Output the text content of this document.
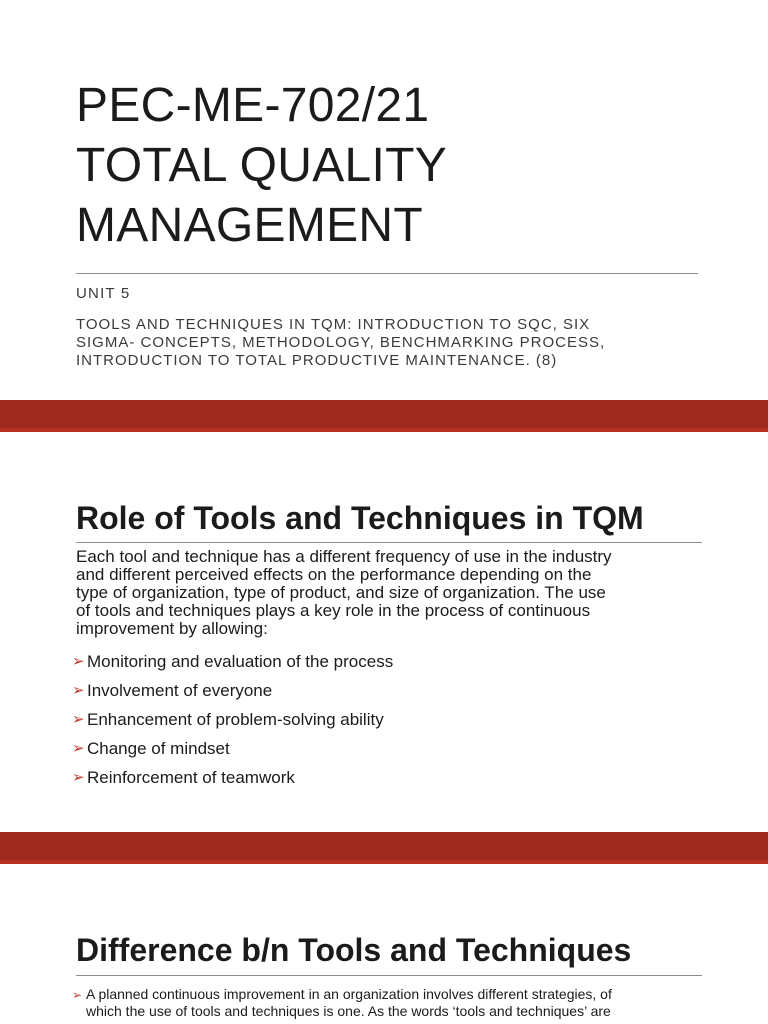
PEC-ME-702/21
TOTAL QUALITY
MANAGEMENT
UNIT 5
TOOLS AND TECHNIQUES IN TQM: INTRODUCTION TO SQC, SIX
SIGMA- CONCEPTS, METHODOLOGY, BENCHMARKING PROCESS,
INTRODUCTION TO TOTAL PRODUCTIVE MAINTENANCE. (8)
Role of Tools and Techniques in TQM

Each tool and technique has a different frequency of use in the industry
and different perceived effects on the performance depending on the
type of organization, type of product, and size of organization. The use
of tools and techniques plays a key role in the process of continuous
improvement by allowing:

➢ Monitoring and evaluation of the process
➢ Involvement of everyone
➢ Enhancement of problem-solving ability
➢ Change of mindset
➢ Reinforcement of teamwork
Difference b/n Tools and Techniques

➢ A planned continuous improvement in an organization involves different strategies, of
which the use of tools and techniques is one. As the words ‘tools and techniques’ are
